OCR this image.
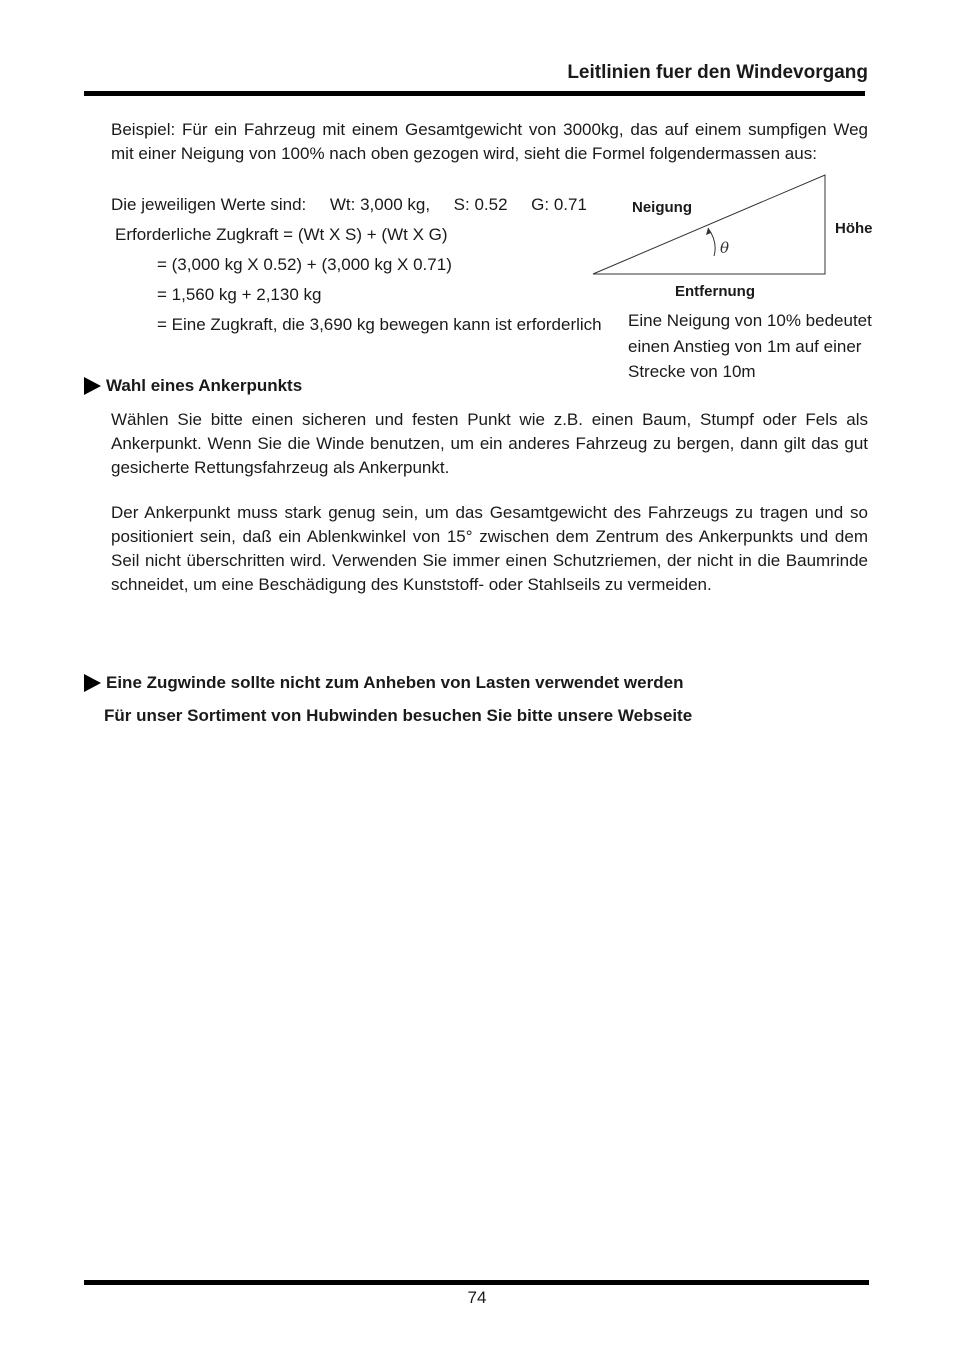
Leitlinien fuer den Windevorgang
Beispiel: Für ein Fahrzeug mit einem Gesamtgewicht von 3000kg, das auf einem sumpfigen Weg mit einer Neigung von 100% nach oben gezogen wird, sieht die Formel folgendermassen aus:
Die jeweiligen Werte sind:     Wt: 3,000 kg,     S: 0.52     G: 0.71
Erforderliche Zugkraft = (Wt X S) + (Wt X G)
= (3,000 kg X 0.52) + (3,000 kg X 0.71)
= 1,560 kg + 2,130 kg
= Eine Zugkraft, die 3,690 kg bewegen kann ist erforderlich
θ
Neigung
Höhe
Entfernung
Eine Neigung von 10% bedeutet einen Anstieg von 1m auf einer Strecke von 10m
Wahl eines Ankerpunkts
Wählen Sie bitte einen sicheren und festen Punkt wie z.B. einen Baum, Stumpf oder Fels als Ankerpunkt. Wenn Sie die Winde benutzen, um ein anderes Fahrzeug zu bergen, dann gilt das gut gesicherte Rettungsfahrzeug als Ankerpunkt.
Der Ankerpunkt muss stark genug sein, um das Gesamtgewicht des Fahrzeugs zu tragen und so positioniert sein, daß ein Ablenkwinkel von 15° zwischen dem Zentrum des Ankerpunkts und dem Seil nicht überschritten wird. Verwenden Sie immer einen Schutzriemen, der nicht in die Baumrinde schneidet, um eine Beschädigung des Kunststoff- oder Stahlseils zu vermeiden.
Eine Zugwinde sollte nicht zum Anheben von Lasten verwendet werden
Für unser Sortiment von Hubwinden besuchen Sie bitte unsere Webseite
74
